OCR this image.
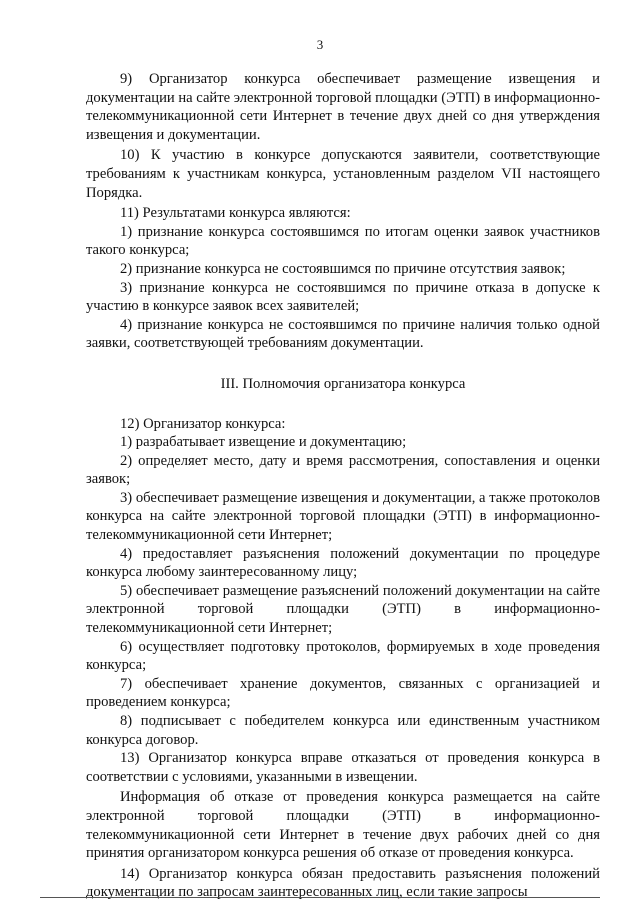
3

9) Организатор конкурса обеспечивает размещение извещения и документации на сайте электронной торговой площадки (ЭТП) в информационно-телекоммуникационной сети Интернет в течение двух дней со дня утверждения извещения и документации.

10) К участию в конкурсе допускаются заявители, соответствующие требованиям к участникам конкурса, установленным разделом VII настоящего Порядка.

11) Результатами конкурса являются:

1) признание конкурса состоявшимся по итогам оценки заявок участников такого конкурса;

2) признание конкурса не состоявшимся по причине отсутствия заявок;

3) признание конкурса не состоявшимся по причине отказа в допуске к участию в конкурсе заявок всех заявителей;

4) признание конкурса не состоявшимся по причине наличия только одной заявки, соответствующей требованиям документации.

III. Полномочия организатора конкурса

12) Организатор конкурса:

1) разрабатывает извещение и документацию;

2) определяет место, дату и время рассмотрения, сопоставления и оценки заявок;

3) обеспечивает размещение извещения и документации, а также протоколов конкурса на сайте электронной торговой площадки (ЭТП) в информационно-телекоммуникационной сети Интернет;

4) предоставляет разъяснения положений документации по процедуре конкурса любому заинтересованному лицу;

5) обеспечивает размещение разъяснений положений документации на сайте электронной торговой площадки (ЭТП) в информационно-телекоммуникационной сети Интернет;

6) осуществляет подготовку протоколов, формируемых в ходе проведения конкурса;

7) обеспечивает хранение документов, связанных с организацией и проведением конкурса;

8) подписывает с победителем конкурса или единственным участником конкурса договор.

13) Организатор конкурса вправе отказаться от проведения конкурса в соответствии с условиями, указанными в извещении.

Информация об отказе от проведения конкурса размещается на сайте электронной торговой площадки (ЭТП) в информационно-телекоммуникационной сети Интернет в течение двух рабочих дней со дня принятия организатором конкурса решения об отказе от проведения конкурса.

14) Организатор конкурса обязан предоставить разъяснения положений документации по запросам заинтересованных лиц, если такие запросы
